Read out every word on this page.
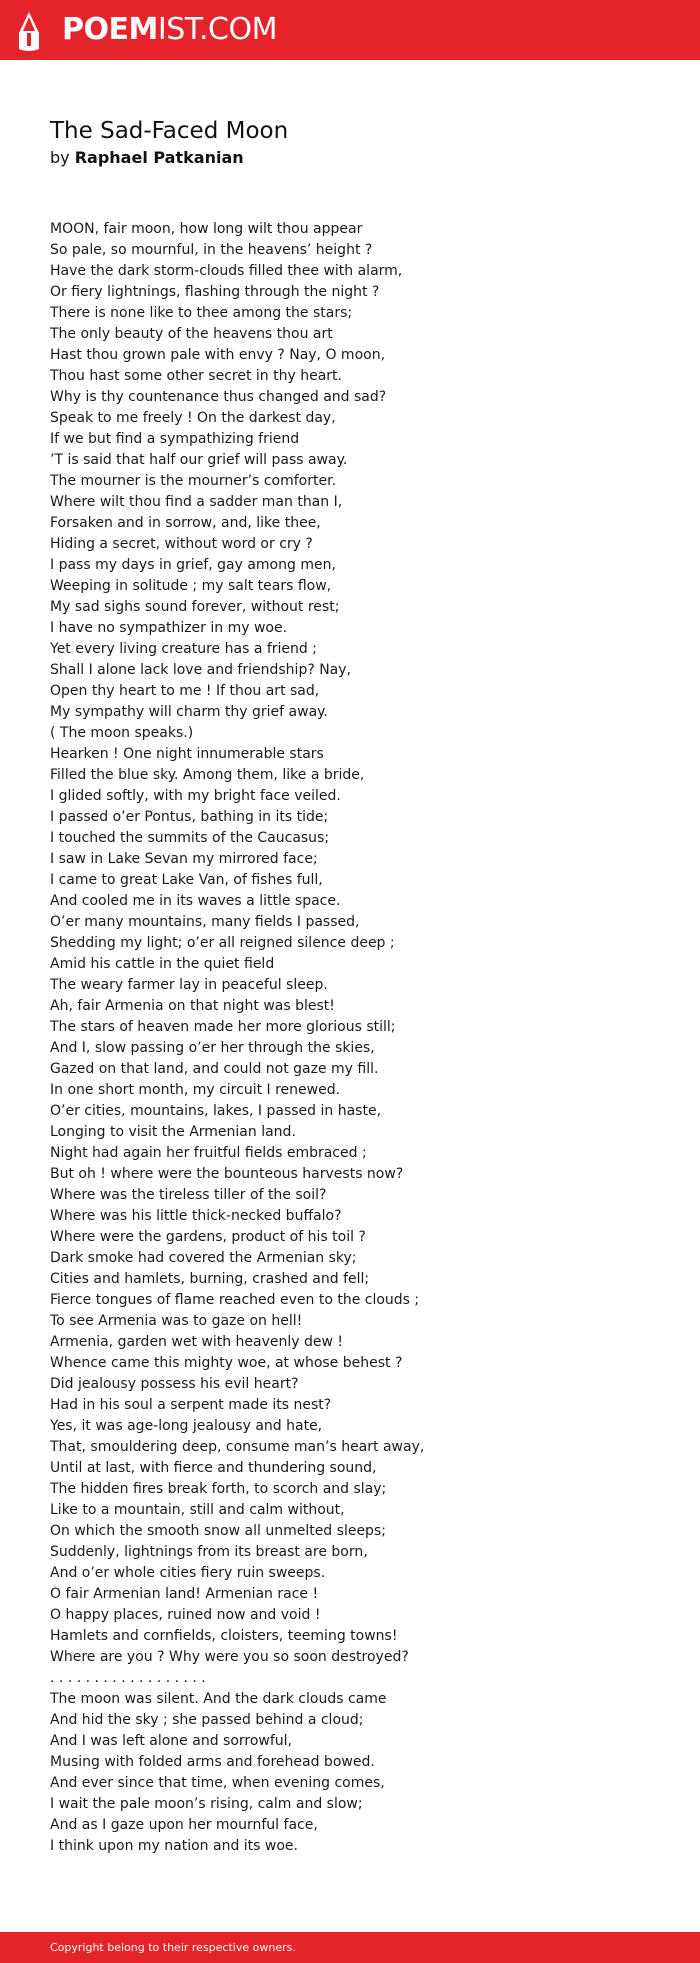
POEMIST.COM
The Sad-Faced Moon
by Raphael Patkanian
MOON, fair moon, how long wilt thou appear
So pale, so mournful, in the heavens’ height ?
Have the dark storm-clouds filled thee with alarm,
Or fiery lightnings, flashing through the night ?
There is none like to thee among the stars;
The only beauty of the heavens thou art
Hast thou grown pale with envy ? Nay, O moon,
Thou hast some other secret in thy heart.
Why is thy countenance thus changed and sad?
Speak to me freely ! On the darkest day,
If we but find a sympathizing friend
’T is said that half our grief will pass away.
The mourner is the mourner’s comforter.
Where wilt thou find a sadder man than I,
Forsaken and in sorrow, and, like thee,
Hiding a secret, without word or cry ?
I pass my days in grief, gay among men,
Weeping in solitude ; my salt tears flow,
My sad sighs sound forever, without rest;
I have no sympathizer in my woe.
Yet every living creature has a friend ;
Shall I alone lack love and friendship? Nay,
Open thy heart to me ! If thou art sad,
My sympathy will charm thy grief away.
( The moon speaks.)
Hearken ! One night innumerable stars
Filled the blue sky. Among them, like a bride,
I glided softly, with my bright face veiled.
I passed o’er Pontus, bathing in its tide;
I touched the summits of the Caucasus;
I saw in Lake Sevan my mirrored face;
I came to great Lake Van, of fishes full,
And cooled me in its waves a little space.
O’er many mountains, many fields I passed,
Shedding my light; o’er all reigned silence deep ;
Amid his cattle in the quiet field
The weary farmer lay in peaceful sleep.
Ah, fair Armenia on that night was blest!
The stars of heaven made her more glorious still;
And I, slow passing o’er her through the skies,
Gazed on that land, and could not gaze my fill.
In one short month, my circuit I renewed.
O’er cities, mountains, lakes, I passed in haste,
Longing to visit the Armenian land.
Night had again her fruitful fields embraced ;
But oh ! where were the bounteous harvests now?
Where was the tireless tiller of the soil?
Where was his little thick-necked buffalo?
Where were the gardens, product of his toil ?
Dark smoke had covered the Armenian sky;
Cities and hamlets, burning, crashed and fell;
Fierce tongues of flame reached even to the clouds ;
To see Armenia was to gaze on hell!
Armenia, garden wet with heavenly dew !
Whence came this mighty woe, at whose behest ?
Did jealousy possess his evil heart?
Had in his soul a serpent made its nest?
Yes, it was age-long jealousy and hate,
That, smouldering deep, consume man’s heart away,
Until at last, with fierce and thundering sound,
The hidden fires break forth, to scorch and slay;
Like to a mountain, still and calm without,
On which the smooth snow all unmelted sleeps;
Suddenly, lightnings from its breast are born,
And o’er whole cities fiery ruin sweeps.
O fair Armenian land! Armenian race !
O happy places, ruined now and void !
Hamlets and cornfields, cloisters, teeming towns!
Where are you ? Why were you so soon destroyed?
. . . . . . . . . . . . . . . . . .
The moon was silent. And the dark clouds came
And hid the sky ; she passed behind a cloud;
And I was left alone and sorrowful,
Musing with folded arms and forehead bowed.
And ever since that time, when evening comes,
I wait the pale moon’s rising, calm and slow;
And as I gaze upon her mournful face,
I think upon my nation and its woe.
Copyright belong to their respective owners.
